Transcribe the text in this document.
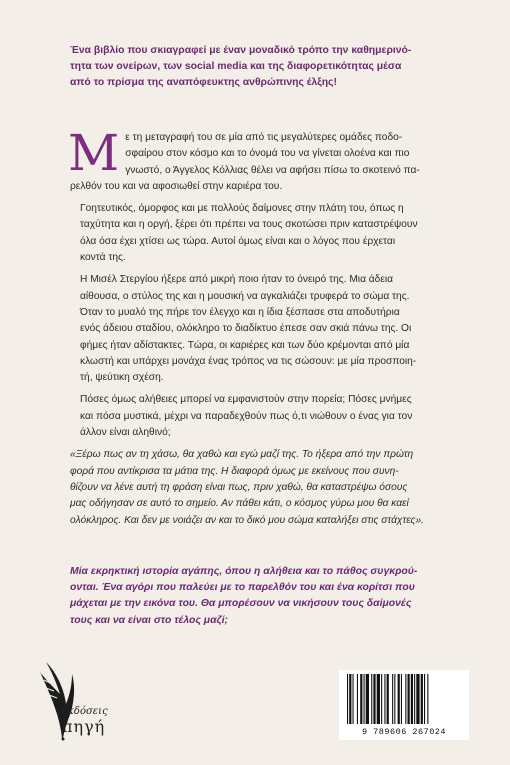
Ένα βιβλίο που σκιαγραφεί με έναν μοναδικό τρόπο την καθημερινό-
τητα των ονείρων, των social media και της διαφορετικότητας μέσα
από το πρίσμα της αναπόφευκτης ανθρώπινης έλξης!

Μ ε τη μεταγραφή του σε μία από τις μεγαλύτερες ομάδες ποδο-
σφαίρου στον κόσμο και το όνομά του να γίνεται ολοένα και πιο
γνωστό, ο Άγγελος Κόλλιας θέλει να αφήσει πίσω το σκοτεινό πα-
ρελθόν του και να αφοσιωθεί στην καριέρα του.

Γοητευτικός, όμορφος και με πολλούς δαίμονες στην πλάτη του, όπως η
ταχύτητα και η οργή, ξέρει ότι πρέπει να τους σκοτώσει πριν καταστρέψουν
όλα όσα έχει χτίσει ως τώρα. Αυτοί όμως είναι και ο λόγος που έρχεται
κοντά της.

Η Μισέλ Στεργίου ήξερε από μικρή ποιο ήταν το όνειρό της. Μια άδεια
αίθουσα, ο στύλος της και η μουσική να αγκαλιάζει τρυφερά το σώμα της.
Όταν το μυαλό της πήρε τον έλεγχο και η ίδια ξέσπασε στα αποδυτήρια
ενός άδειου σταδίου, ολόκληρο το διαδίκτυο έπεσε σαν σκιά πάνω της. Οι
φήμες ήταν αδίστακτες. Τώρα, οι καριέρες και των δύο κρέμονται από μία
κλωστή και υπάρχει μονάχα ένας τρόπος να τις σώσουν: με μία προσποιη-
τή, ψεύτικη σχέση.

Πόσες όμως αλήθειες μπορεί να εμφανιστούν στην πορεία; Πόσες μνήμες
και πόσα μυστικά, μέχρι να παραδεχθούν πως ό,τι νιώθουν ο ένας για τον
άλλον είναι αληθινό;

«Ξέρω πως αν τη χάσω, θα χαθώ και εγώ μαζί της. Το ήξερα από την πρώτη
φορά που αντίκρισα τα μάτια της. Η διαφορά όμως με εκείνους που συνη-
θίζουν να λένε αυτή τη φράση είναι πως, πριν χαθώ, θα καταστρέψω όσους
μας οδήγησαν σε αυτό το σημείο. Αν πάθει κάτι, ο κόσμος γύρω μου θα καεί
ολόκληρος. Και δεν με νοιάζει αν και το δικό μου σώμα καταλήξει στις στάχτες».

Μία εκρηκτική ιστορία αγάπης, όπου η αλήθεια και το πάθος συγκρού-
ονται. Ένα αγόρι που παλεύει με το παρελθόν του και ένα κορίτσι που
μάχεται με την εικόνα του. Θα μπορέσουν να νικήσουν τους δαίμονές
τους και να είναι στο τέλος μαζί;

εκδόσεις
πηγή	9 789606 267024
